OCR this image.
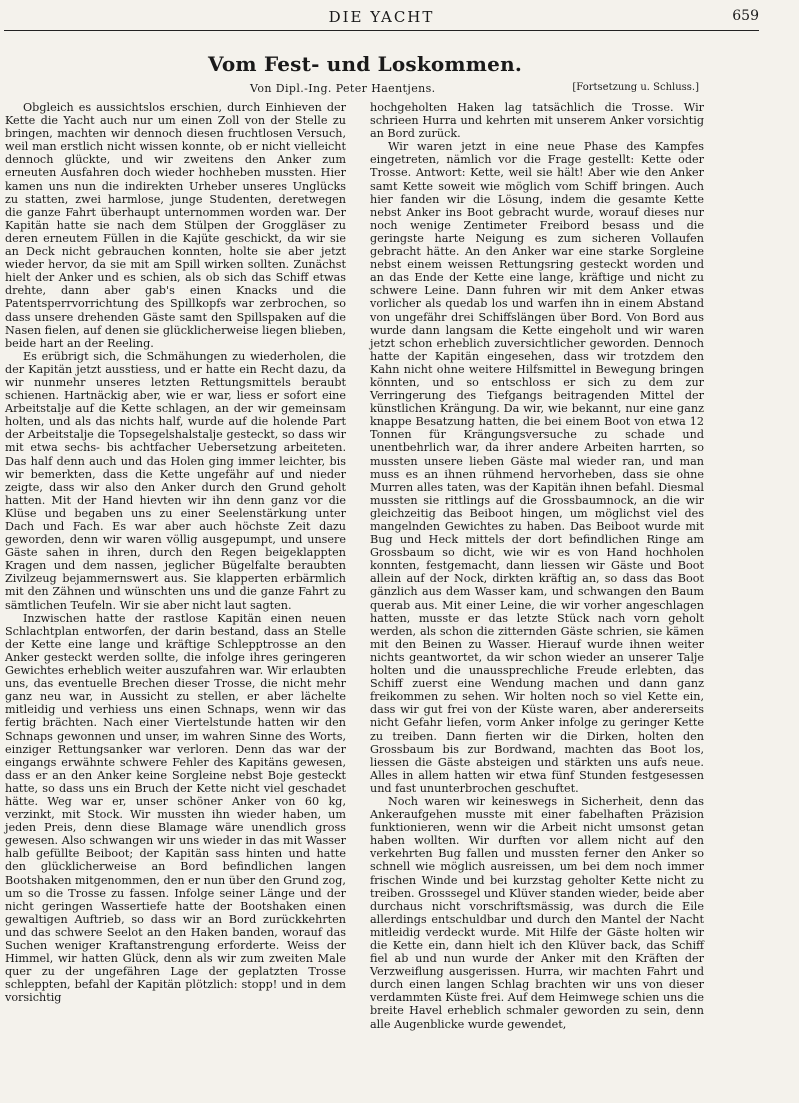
DIE YACHT	659
Vom Fest- und Loskommen.
Von Dipl.-Ing. Peter Haentjens.	[Fortsetzung u. Schluss.]

Obgleich es aussichtslos erschien, durch Einhieven der Kette die Yacht auch nur um einen Zoll von der Stelle zu bringen, machten wir dennoch diesen fruchtlosen Versuch, weil man erstlich nicht wissen konnte, ob er nicht vielleicht dennoch glückte, und wir zweitens den Anker zum erneuten Ausfahren doch wieder hochheben mussten. Hier kamen uns nun die indirekten Urheber unseres Unglücks zu statten, zwei harmlose, junge Studenten, deretwegen die ganze Fahrt überhaupt unternommen worden war. Der Kapitän hatte sie nach dem Stülpen der Groggläser zu deren erneutem Füllen in die Kajüte geschickt, da wir sie an Deck nicht gebrauchen konnten, holte sie aber jetzt wieder hervor, da sie mit am Spill wirken sollten. Zunächst hielt der Anker und es schien, als ob sich das Schiff etwas drehte, dann aber gab's einen Knacks und die Patentsperrvorrichtung des Spillkopfs war zerbrochen, so dass unsere drehenden Gäste samt den Spillspaken auf die Nasen fielen, auf denen sie glücklicherweise liegen blieben, beide hart an der Reeling.

Es erübrigt sich, die Schmähungen zu wiederholen, die der Kapitän jetzt ausstiess, und er hatte ein Recht dazu, da wir nunmehr unseres letzten Rettungsmittels beraubt schienen. Hartnäckig aber, wie er war, liess er sofort eine Arbeitstalje auf die Kette schlagen, an der wir gemeinsam holten, und als das nichts half, wurde auf die holende Part der Arbeitstalje die Topsegelshalstalje gesteckt, so dass wir mit etwa sechs- bis achtfacher Uebersetzung arbeiteten. Das half denn auch und das Holen ging immer leichter, bis wir bemerkten, dass die Kette ungefähr auf und nieder zeigte, dass wir also den Anker durch den Grund geholt hatten. Mit der Hand hievten wir ihn denn ganz vor die Klüse und begaben uns zu einer Seelenstärkung unter Dach und Fach. Es war aber auch höchste Zeit dazu geworden, denn wir waren völlig ausgepumpt, und unsere Gäste sahen in ihren, durch den Regen beigeklappten Kragen und dem nassen, jeglicher Bügelfalte beraubten Zivilzeug bejammernswert aus. Sie klapperten erbärmlich mit den Zähnen und wünschten uns und die ganze Fahrt zu sämtlichen Teufeln. Wir sie aber nicht laut sagten.

Inzwischen hatte der rastlose Kapitän einen neuen Schlachtplan entworfen, der darin bestand, dass an Stelle der Kette eine lange und kräftige Schlepptrosse an den Anker gesteckt werden sollte, die infolge ihres geringeren Gewichtes erheblich weiter auszufahren war. Wir erlaubten uns, das eventuelle Brechen dieser Trosse, die nicht mehr ganz neu war, in Aussicht zu stellen, er aber lächelte mitleidig und verhiess uns einen Schnaps, wenn wir das fertig brächten. Nach einer Viertelstunde hatten wir den Schnaps gewonnen und unser, im wahren Sinne des Worts, einziger Rettungsanker war verloren. Denn das war der eingangs erwähnte schwere Fehler des Kapitäns gewesen, dass er an den Anker keine Sorgleine nebst Boje gesteckt hatte, so dass uns ein Bruch der Kette nicht viel geschadet hätte. Weg war er, unser schöner Anker von 60 kg, verzinkt, mit Stock. Wir mussten ihn wieder haben, um jeden Preis, denn diese Blamage wäre unendlich gross gewesen. Also schwangen wir uns wieder in das mit Wasser halb gefüllte Beiboot; der Kapitän sass hinten und hatte den glücklicherweise an Bord befindlichen langen Bootshaken mitgenommen, den er nun über den Grund zog, um so die Trosse zu fassen. Infolge seiner Länge und der nicht geringen Wassertiefe hatte der Bootshaken einen gewaltigen Auftrieb, so dass wir an Bord zurückkehrten und das schwere Seelot an den Haken banden, worauf das Suchen weniger Kraftanstrengung erforderte. Weiss der Himmel, wir hatten Glück, denn als wir zum zweiten Male quer zu der ungefähren Lage der geplatzten Trosse schleppten, befahl der Kapitän plötzlich: stopp! und in dem vorsichtig

hochgeholten Haken lag tatsächlich die Trosse. Wir schrieen Hurra und kehrten mit unserem Anker vorsichtig an Bord zurück.

Wir waren jetzt in eine neue Phase des Kampfes eingetreten, nämlich vor die Frage gestellt: Kette oder Trosse. Antwort: Kette, weil sie hält! Aber wie den Anker samt Kette soweit wie möglich vom Schiff bringen. Auch hier fanden wir die Lösung, indem die gesamte Kette nebst Anker ins Boot gebracht wurde, worauf dieses nur noch wenige Zentimeter Freibord besass und die geringste harte Neigung es zum sicheren Vollaufen gebracht hätte. An den Anker war eine starke Sorgleine nebst einem weissen Rettungsring gesteckt worden und an das Ende der Kette eine lange, kräftige und nicht zu schwere Leine. Dann fuhren wir mit dem Anker etwas vorlicher als quedab los und warfen ihn in einem Abstand von ungefähr drei Schiffslängen über Bord. Von Bord aus wurde dann langsam die Kette eingeholt und wir waren jetzt schon erheblich zuversichtlicher geworden. Dennoch hatte der Kapitän eingesehen, dass wir trotzdem den Kahn nicht ohne weitere Hilfsmittel in Bewegung bringen könnten, und so entschloss er sich zu dem zur Verringerung des Tiefgangs beitragenden Mittel der künstlichen Krängung. Da wir, wie bekannt, nur eine ganz knappe Besatzung hatten, die bei einem Boot von etwa 12 Tonnen für Krängungsversuche zu schade und unentbehrlich war, da ihrer andere Arbeiten harrten, so mussten unsere lieben Gäste mal wieder ran, und man muss es an ihnen rühmend hervorheben, dass sie ohne Murren alles taten, was der Kapitän ihnen befahl. Diesmal mussten sie rittlings auf die Grossbaumnock, an die wir gleichzeitig das Beiboot hingen, um möglichst viel des mangelnden Gewichtes zu haben. Das Beiboot wurde mit Bug und Heck mittels der dort befindlichen Ringe am Grossbaum so dicht, wie wir es von Hand hochholen konnten, festgemacht, dann liessen wir Gäste und Boot allein auf der Nock, dirkten kräftig an, so dass das Boot gänzlich aus dem Wasser kam, und schwangen den Baum querab aus. Mit einer Leine, die wir vorher angeschlagen hatten, musste er das letzte Stück nach vorn geholt werden, als schon die zitternden Gäste schrien, sie kämen mit den Beinen zu Wasser. Hierauf wurde ihnen weiter nichts geantwortet, da wir schon wieder an unserer Talje holten und die unaussprechliche Freude erlebten, das Schiff zuerst eine Wendung machen und dann ganz freikommen zu sehen. Wir holten noch so viel Kette ein, dass wir gut frei von der Küste waren, aber andererseits nicht Gefahr liefen, vorm Anker infolge zu geringer Kette zu treiben. Dann fierten wir die Dirken, holten den Grossbaum bis zur Bordwand, machten das Boot los, liessen die Gäste absteigen und stärkten uns aufs neue. Alles in allem hatten wir etwa fünf Stunden festgesessen und fast ununterbrochen geschuftet.

Noch waren wir keineswegs in Sicherheit, denn das Ankeraufgehen musste mit einer fabelhaften Präzision funktionieren, wenn wir die Arbeit nicht umsonst getan haben wollten. Wir durften vor allem nicht auf den verkehrten Bug fallen und mussten ferner den Anker so schnell wie möglich ausreissen, um bei dem noch immer frischen Winde und bei kurzstag geholter Kette nicht zu treiben. Grosssegel und Klüver standen wieder, beide aber durchaus nicht vorschriftsmässig, was durch die Eile allerdings entschuldbar und durch den Mantel der Nacht mitleidig verdeckt wurde. Mit Hilfe der Gäste holten wir die Kette ein, dann hielt ich den Klüver back, das Schiff fiel ab und nun wurde der Anker mit den Kräften der Verzweiflung ausgerissen. Hurra, wir machten Fahrt und durch einen langen Schlag brachten wir uns von dieser verdammten Küste frei. Auf dem Heimwege schien uns die breite Havel erheblich schmaler geworden zu sein, denn alle Augenblicke wurde gewendet,
